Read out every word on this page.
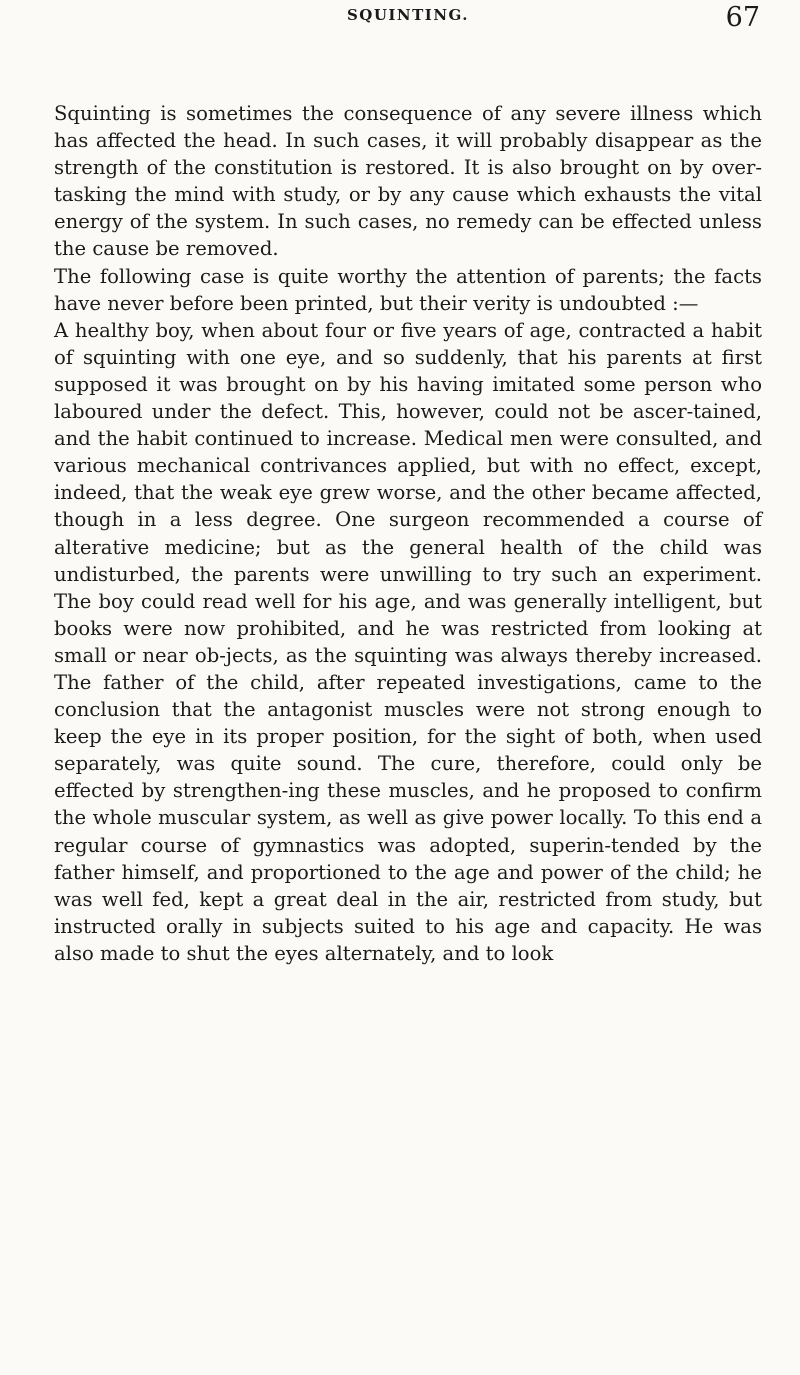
SQUINTING.	67

Squinting is sometimes the consequence of any severe illness which has affected the head. In such cases, it will probably disappear as the strength of the constitution is restored. It is also brought on by over-tasking the mind with study, or by any cause which exhausts the vital energy of the system. In such cases, no remedy can be effected unless the cause be removed.

The following case is quite worthy the attention of parents; the facts have never before been printed, but their verity is undoubted :—

A healthy boy, when about four or five years of age, contracted a habit of squinting with one eye, and so suddenly, that his parents at first supposed it was brought on by his having imitated some person who laboured under the defect. This, however, could not be ascer-tained, and the habit continued to increase. Medical men were consulted, and various mechanical contrivances applied, but with no effect, except, indeed, that the weak eye grew worse, and the other became affected, though in a less degree. One surgeon recommended a course of alterative medicine; but as the general health of the child was undisturbed, the parents were unwilling to try such an experiment. The boy could read well for his age, and was generally intelligent, but books were now prohibited, and he was restricted from looking at small or near ob-jects, as the squinting was always thereby increased. The father of the child, after repeated investigations, came to the conclusion that the antagonist muscles were not strong enough to keep the eye in its proper position, for the sight of both, when used separately, was quite sound. The cure, therefore, could only be effected by strengthen-ing these muscles, and he proposed to confirm the whole muscular system, as well as give power locally. To this end a regular course of gymnastics was adopted, superin-tended by the father himself, and proportioned to the age and power of the child; he was well fed, kept a great deal in the air, restricted from study, but instructed orally in subjects suited to his age and capacity. He was also made to shut the eyes alternately, and to look
